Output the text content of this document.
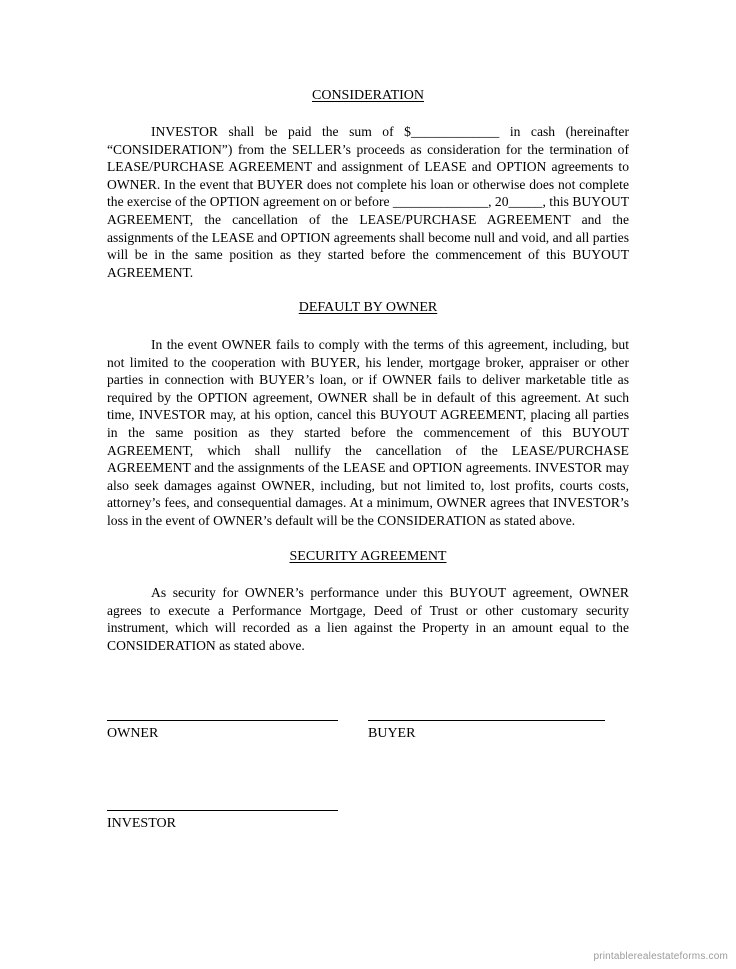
CONSIDERATION

INVESTOR shall be paid the sum of $_____________ in cash (hereinafter “CONSIDERATION”) from the SELLER’s proceeds as consideration for the termination of LEASE/PURCHASE AGREEMENT and assignment of LEASE and OPTION agreements to OWNER. In the event that BUYER does not complete his loan or otherwise does not complete the exercise of the OPTION agreement on or before ______________, 20_____, this BUYOUT AGREEMENT, the cancellation of the LEASE/PURCHASE AGREEMENT and the assignments of the LEASE and OPTION agreements shall become null and void, and all parties will be in the same position as they started before the commencement of this BUYOUT AGREEMENT.

DEFAULT BY OWNER

In the event OWNER fails to comply with the terms of this agreement, including, but not limited to the cooperation with BUYER, his lender, mortgage broker, appraiser or other parties in connection with BUYER’s loan, or if OWNER fails to deliver marketable title as required by the OPTION agreement, OWNER shall be in default of this agreement. At such time, INVESTOR may, at his option, cancel this BUYOUT AGREEMENT, placing all parties in the same position as they started before the commencement of this BUYOUT AGREEMENT, which shall nullify the cancellation of the LEASE/PURCHASE AGREEMENT and the assignments of the LEASE and OPTION agreements. INVESTOR may also seek damages against OWNER, including, but not limited to, lost profits, courts costs, attorney’s fees, and consequential damages. At a minimum, OWNER agrees that INVESTOR’s loss in the event of OWNER’s default will be the CONSIDERATION as stated above.

SECURITY AGREEMENT

As security for OWNER’s performance under this BUYOUT agreement, OWNER agrees to execute a Performance Mortgage, Deed of Trust or other customary security instrument, which will recorded as a lien against the Property in an amount equal to the CONSIDERATION as stated above.

OWNER	BUYER
INVESTOR
printablerealestateforms.com
